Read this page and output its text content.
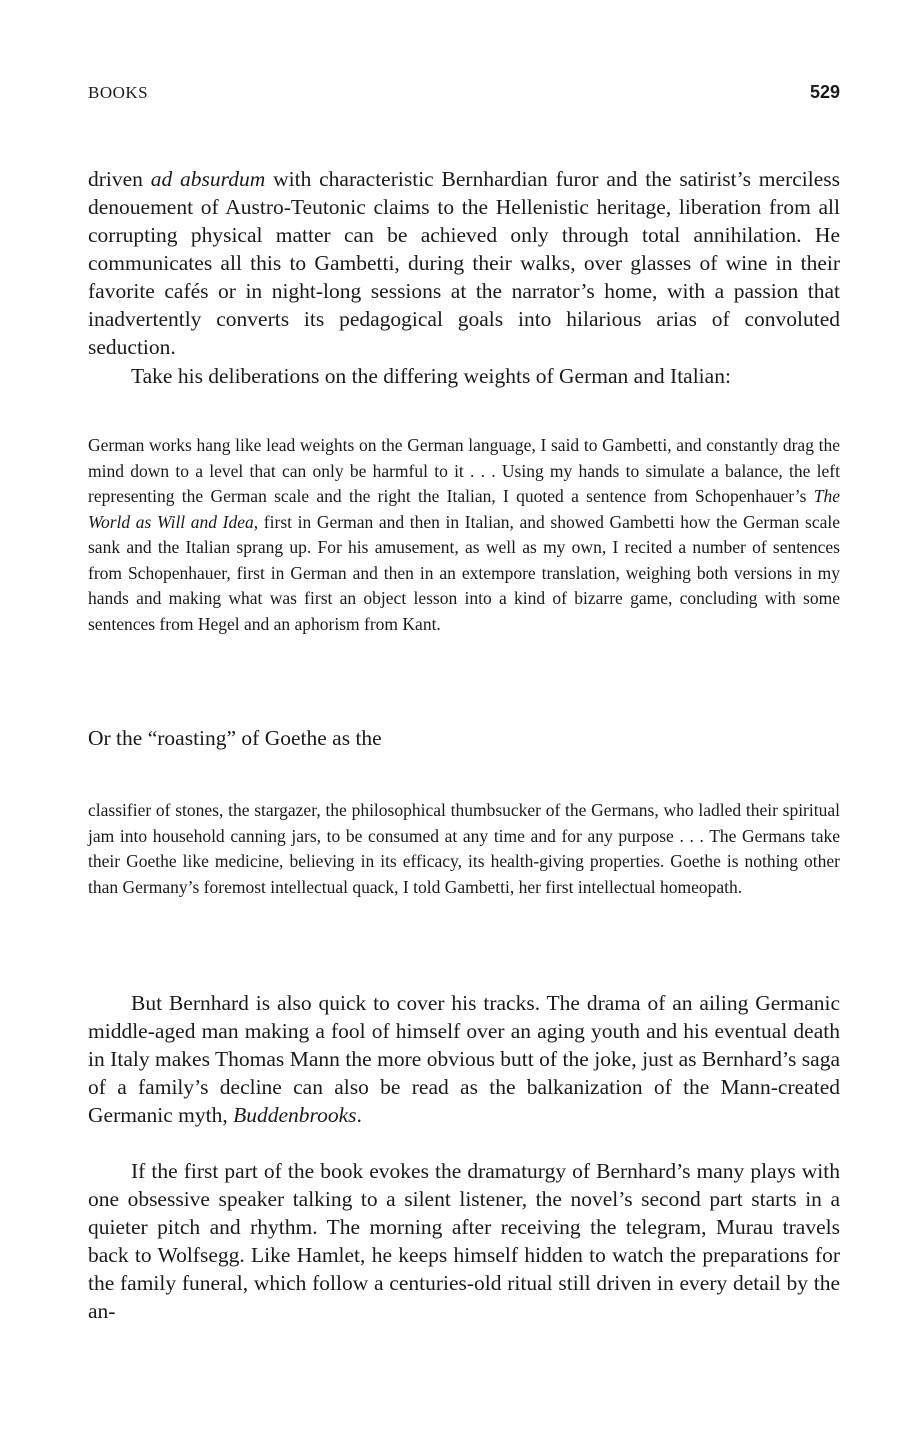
BOOKS	529

driven ad absurdum with characteristic Bernhardian furor and the satirist’s merciless denouement of Austro-Teutonic claims to the Hellenistic heritage, liberation from all corrupting physical matter can be achieved only through total annihilation. He communicates all this to Gambetti, during their walks, over glasses of wine in their favorite cafés or in night-long sessions at the narrator’s home, with a passion that inadvertently converts its pedagogical goals into hilarious arias of convoluted seduction.

Take his deliberations on the differing weights of German and Italian:

German works hang like lead weights on the German language, I said to Gambetti, and constantly drag the mind down to a level that can only be harmful to it . . . Using my hands to simulate a balance, the left representing the German scale and the right the Italian, I quoted a sentence from Schopenhauer’s The World as Will and Idea, first in German and then in Italian, and showed Gambetti how the German scale sank and the Italian sprang up. For his amusement, as well as my own, I recited a number of sentences from Schopenhauer, first in German and then in an extempore translation, weighing both versions in my hands and making what was first an object lesson into a kind of bizarre game, concluding with some sentences from Hegel and an aphorism from Kant.

Or the “roasting” of Goethe as the

classifier of stones, the stargazer, the philosophical thumbsucker of the Germans, who ladled their spiritual jam into household canning jars, to be consumed at any time and for any purpose . . . The Germans take their Goethe like medicine, believing in its efficacy, its health-giving properties. Goethe is nothing other than Germany’s foremost intellectual quack, I told Gambetti, her first intellectual homeopath.

But Bernhard is also quick to cover his tracks. The drama of an ailing Germanic middle-aged man making a fool of himself over an aging youth and his eventual death in Italy makes Thomas Mann the more obvious butt of the joke, just as Bernhard’s saga of a family’s decline can also be read as the balkanization of the Mann-created Germanic myth, Buddenbrooks.

If the first part of the book evokes the dramaturgy of Bernhard’s many plays with one obsessive speaker talking to a silent listener, the novel’s second part starts in a quieter pitch and rhythm. The morning after receiving the telegram, Murau travels back to Wolfsegg. Like Hamlet, he keeps himself hidden to watch the preparations for the family funeral, which follow a centuries-old ritual still driven in every detail by the an-
